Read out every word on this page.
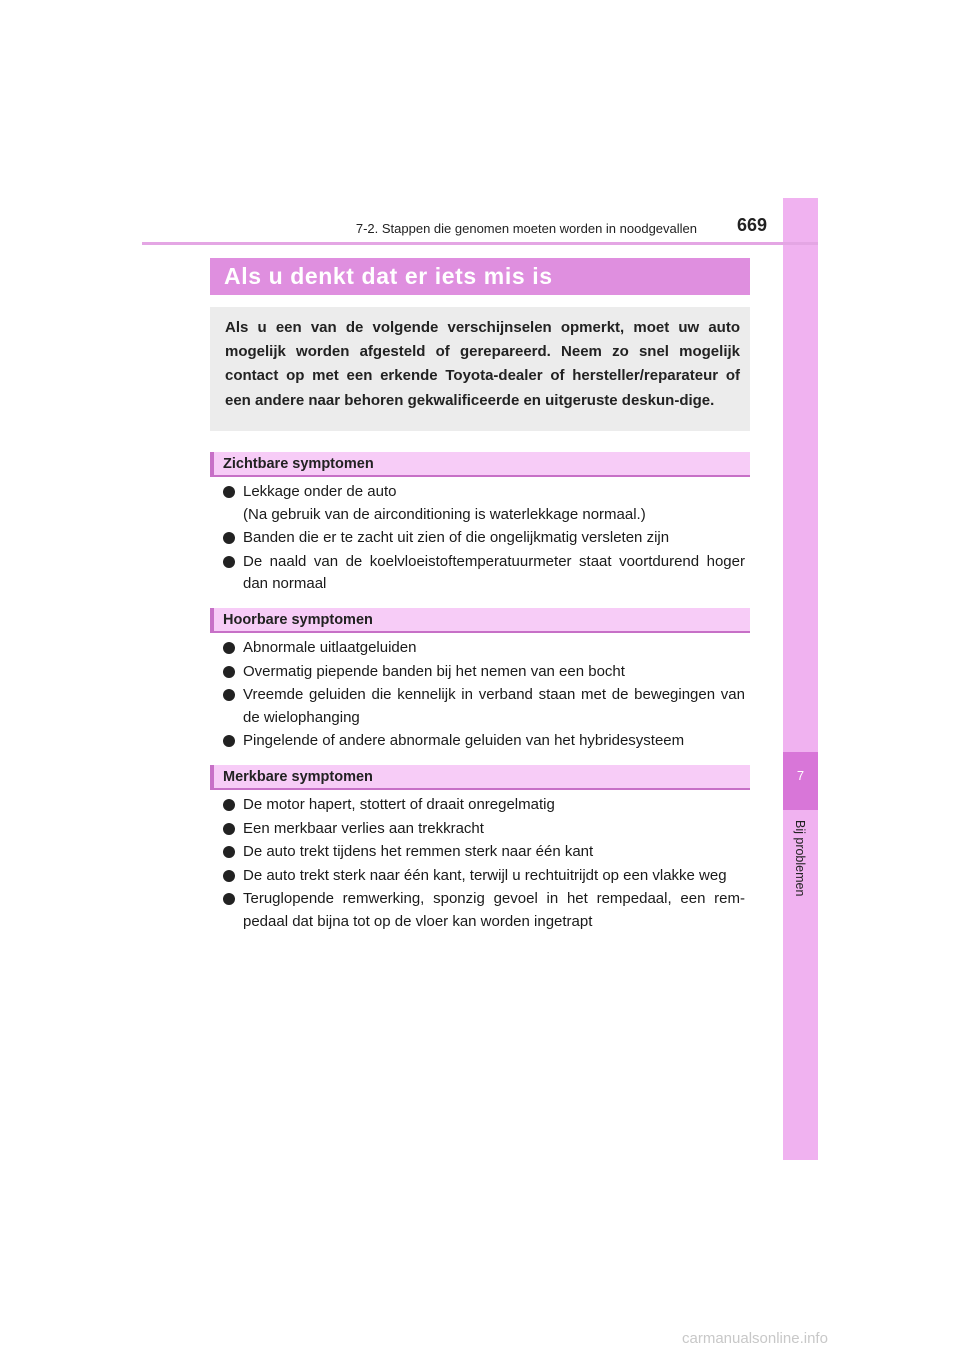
7
Bij problemen
7-2. Stappen die genomen moeten worden in noodgevallen 669
Als u denkt dat er iets mis is

Als u een van de volgende verschijnselen opmerkt, moet uw auto mogelijk worden afgesteld of gerepareerd. Neem zo snel mogelijk contact op met een erkende Toyota-dealer of hersteller/reparateur of een andere naar behoren gekwalificeerde en uitgeruste deskun-dige.

Zichtbare symptomen
Lekkage onder de auto
(Na gebruik van de airconditioning is waterlekkage normaal.)
Banden die er te zacht uit zien of die ongelijkmatig versleten zijn
De naald van de koelvloeistoftemperatuurmeter staat voortdurend hoger dan normaal
Hoorbare symptomen
Abnormale uitlaatgeluiden
Overmatig piepende banden bij het nemen van een bocht
Vreemde geluiden die kennelijk in verband staan met de bewegingen van de wielophanging
Pingelende of andere abnormale geluiden van het hybridesysteem
Merkbare symptomen
De motor hapert, stottert of draait onregelmatig
Een merkbaar verlies aan trekkracht
De auto trekt tijdens het remmen sterk naar één kant
De auto trekt sterk naar één kant, terwijl u rechtuitrijdt op een vlakke weg
Teruglopende remwerking, sponzig gevoel in het rempedaal, een rem-pedaal dat bijna tot op de vloer kan worden ingetrapt
carmanualsonline.info
